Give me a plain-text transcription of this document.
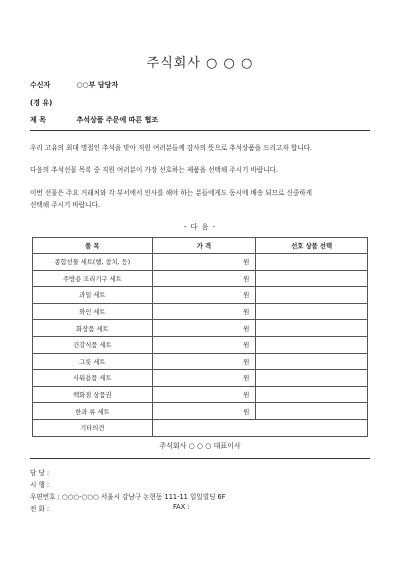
주식회사 ○ ○ ○
수신자	○○부 담당자
(경 유)
제 목	추석상품 주문에 따른 협조
우리 고유의 최대 명절인 추석을 맞아 직원 여러분들께 감사의 뜻으로 추석상품을 드리고자 합니다.
다음의 추석선물 목록 중 직원 여러분이 가장 선호하는 제품을 선택해 주시기 바랍니다.
이번 선물은 주요 거래처와 각 부서에서 인사를 해야 하는 분들에게도 동시에 배송 되므로 신중하게
선택해 주시기 바랍니다.
- 다 음 -
품 목	가 격	선호 상품 선택
종합선물 세트(햄, 참치, 등)	원	
주방용 조리기구 세트	원	
과일 세트	원	
와인 세트	원	
화장품 세트	원	
건강식품 세트	원	
그릇 세트	원	
사워용품 세트	원	
백화점 상품권	원	
한과 류 세트	원	
기타의견		
주식회사 ○ ○ ○ 대표이사
담 당 :
시 행 :
우편번호 : ○○○-○○○ 서울시 강남구 논현동 111-11 일일빌딩 6F
전 화 :	FAX :
